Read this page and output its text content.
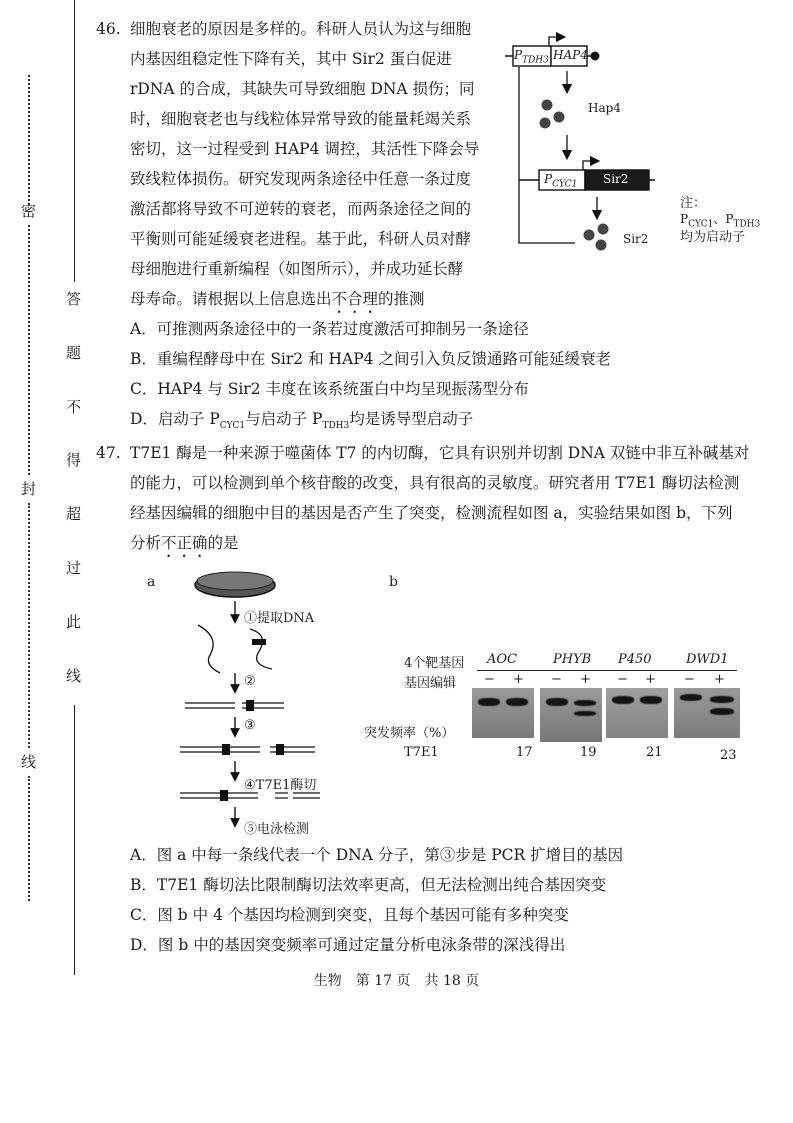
密
封
线
答
题
不
得
超
过
此
线
46. 细胞衰老的原因是多样的。科研人员认为这与细胞
内基因组稳定性下降有关，其中 Sir2 蛋白促进
rDNA 的合成，其缺失可导致细胞 DNA 损伤；同
时，细胞衰老也与线粒体异常导致的能量耗竭关系
密切，这一过程受到 HAP4 调控，其活性下降会导
致线粒体损伤。研究发现两条途径中任意一条过度
激活都将导致不可逆转的衰老，而两条途径之间的
平衡则可能延缓衰老进程。基于此，科研人员对酵
母细胞进行重新编程（如图所示），并成功延长酵
母寿命。请根据以上信息选出不合理的推测
$P_{TDH3}$ HAP4
Hap4
$P_{CYC1}$ Sir2
Sir2
注：
$P_{CYC1}$、$P_{TDH3}$
均为启动子
A．可推测两条途径中的一条若过度激活可抑制另一条途径
B．重编程酵母中在 Sir2 和 HAP4 之间引入负反馈通路可能延缓衰老
C．HAP4 与 Sir2 丰度在该系统蛋白中均呈现振荡型分布
D．启动子 $P_{CYC1}$与启动子 $P_{TDH3}$均是诱导型启动子
47. T7E1 酶是一种来源于噬菌体 T7 的内切酶，它具有识别并切割 DNA 双链中非互补碱基对
的能力，可以检测到单个核苷酸的改变，具有很高的灵敏度。研究者用 T7E1 酶切法检测
经基因编辑的细胞中目的基因是否产生了突变，检测流程如图 a，实验结果如图 b，下列
分析不正确的是
a
①提取DNA
②
③
④T7E1酶切
⑤电泳检测
b
4个靶基因
基因编辑
突发频率（%）
T7E1
AOC	PHYB P450	DWD1
− + − + − + − +
17	19	21	23
A．图 a 中每一条线代表一个 DNA 分子，第③步是 PCR 扩增目的基因
B．T7E1 酶切法比限制酶切法效率更高，但无法检测出纯合基因突变
C．图 b 中 4 个基因均检测到突变，且每个基因可能有多种突变
D．图 b 中的基因突变频率可通过定量分析电泳条带的深浅得出
生物　第 17 页　共 18 页
